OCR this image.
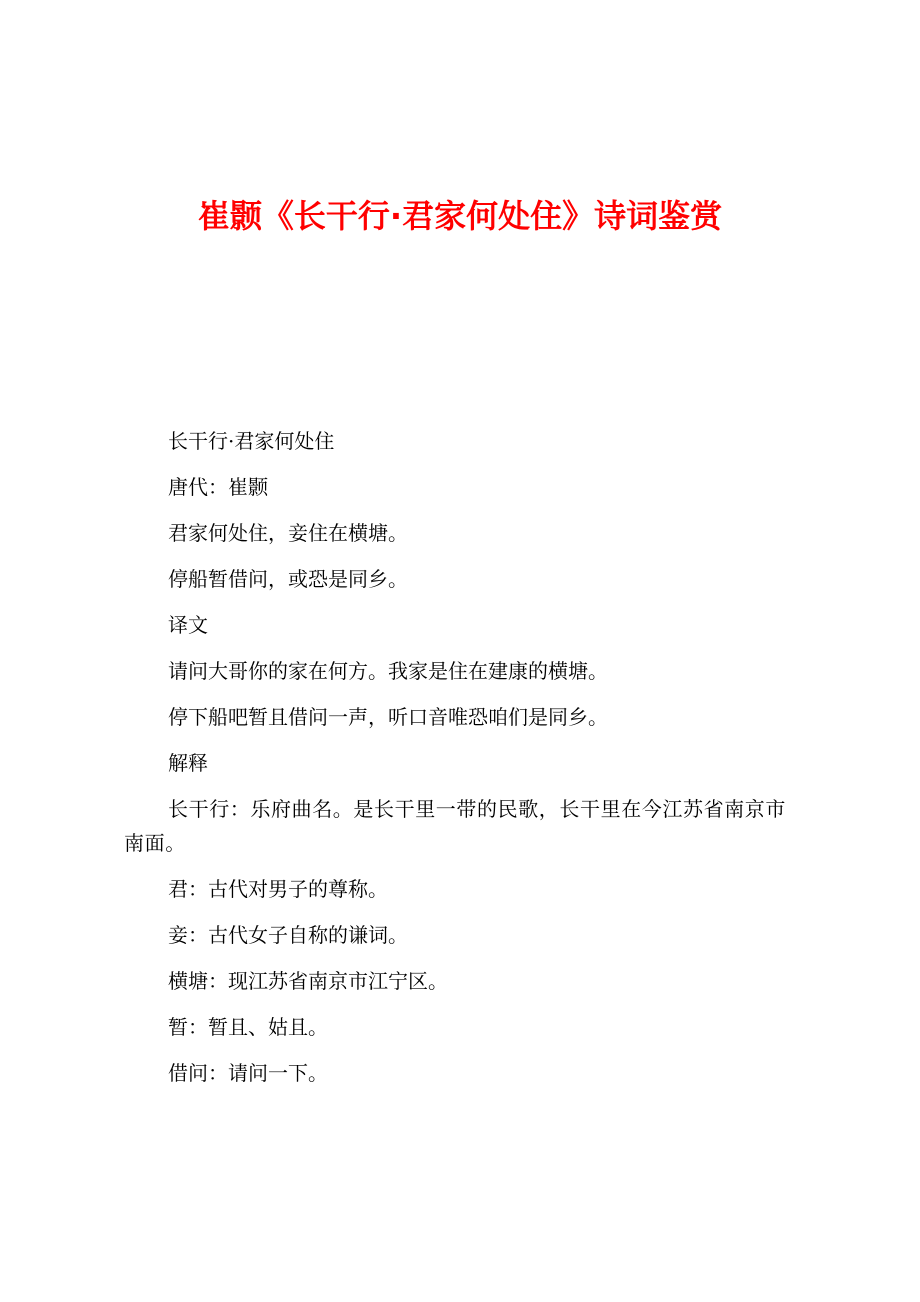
崔颢《长干行·君家何处住》诗词鉴赏

长干行·君家何处住

唐代：崔颢

君家何处住，妾住在横塘。

停船暂借问，或恐是同乡。

译文

请问大哥你的家在何方。我家是住在建康的横塘。

停下船吧暂且借问一声，听口音唯恐咱们是同乡。

解释

长干行：乐府曲名。是长干里一带的民歌，长干里在今江苏省南京市南面。

君：古代对男子的尊称。

妾：古代女子自称的谦词。

横塘：现江苏省南京市江宁区。

暂：暂且、姑且。

借问：请问一下。
